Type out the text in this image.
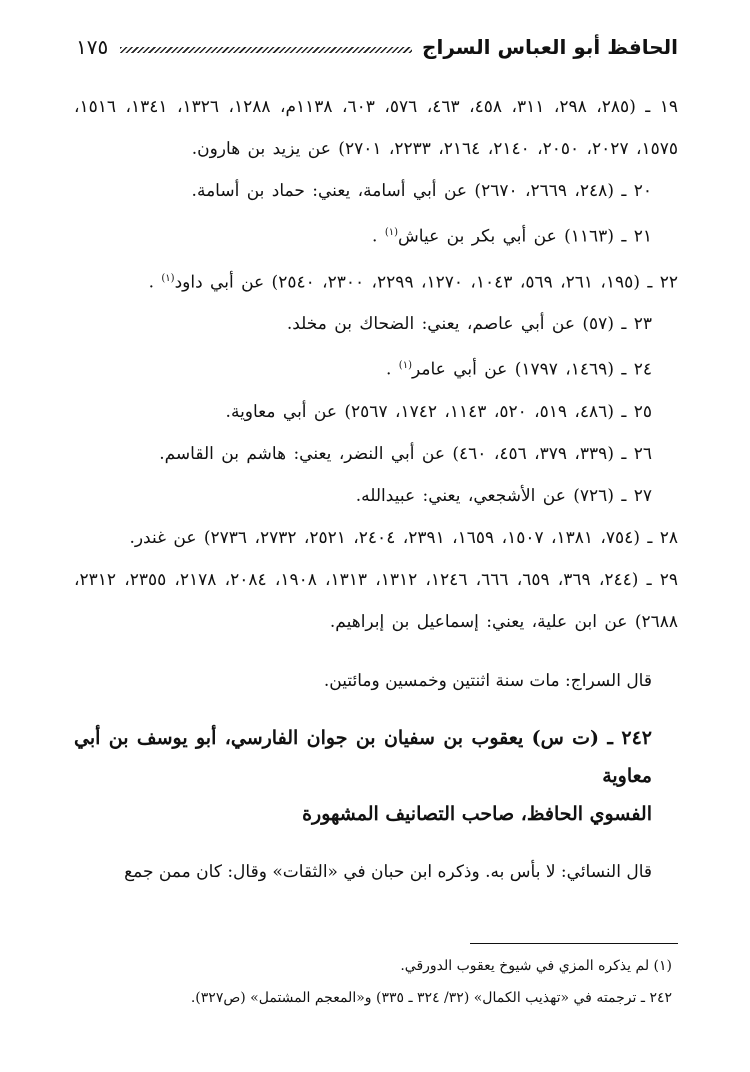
الحافظ أبو العباس السراج
١٧٥

١٩ ـ (٢٨٥، ٢٩٨، ٣١١، ٤٥٨، ٤٦٣، ٥٧٦، ٦٠٣، ١١٣٨م، ١٢٨٨، ١٣٢٦، ١٣٤١، ١٥١٦، ١٥٧٥، ٢٠٢٧، ٢٠٥٠، ٢١٤٠، ٢١٦٤، ٢٢٣٣، ٢٧٠١) عن يزيد بن هارون.

٢٠ ـ (٢٤٨، ٢٦٦٩، ٢٦٧٠) عن أبي أسامة، يعني: حماد بن أسامة.

٢١ ـ (١١٦٣) عن أبي بكر بن عياش$^{(١)}$ .

٢٢ ـ (١٩٥، ٢٦١، ٥٦٩، ١٠٤٣، ١٢٧٠، ٢٢٩٩، ٢٣٠٠، ٢٥٤٠) عن أبي داود$^{(١)}$ .

٢٣ ـ (٥٧) عن أبي عاصم، يعني: الضحاك بن مخلد.

٢٤ ـ (١٤٦٩، ١٧٩٧) عن أبي عامر$^{(١)}$ .

٢٥ ـ (٤٨٦، ٥١٩، ٥٢٠، ١١٤٣، ١٧٤٢، ٢٥٦٧) عن أبي معاوية.

٢٦ ـ (٣٣٩، ٣٧٩، ٤٥٦، ٤٦٠) عن أبي النضر، يعني: هاشم بن القاسم.

٢٧ ـ (٧٢٦) عن الأشجعي، يعني: عبيدالله.

٢٨ ـ (٧٥٤، ١٣٨١، ١٥٠٧، ١٦٥٩، ٢٣٩١، ٢٤٠٤، ٢٥٢١، ٢٧٣٢، ٢٧٣٦) عن غندر.

٢٩ ـ (٢٤٤، ٣٦٩، ٦٥٩، ٦٦٦، ١٢٤٦، ١٣١٢، ١٣١٣، ١٩٠٨، ٢٠٨٤، ٢١٧٨، ٢٣٥٥، ٢٣١٢، ٢٦٨٨) عن ابن علية، يعني: إسماعيل بن إبراهيم.

قال السراج: مات سنة اثنتين وخمسين ومائتين.

٢٤٢ ـ (ت س) يعقوب بن سفيان بن جوان الفارسي، أبو يوسف بن أبي معاوية
الفسوي الحافظ، صاحب التصانيف المشهورة

قال النسائي: لا بأس به. وذكره ابن حبان في «الثقات» وقال: كان ممن جمع

(١) لم يذكره المزي في شيوخ يعقوب الدورقي.
٢٤٢ ـ ترجمته في «تهذيب الكمال» (٣٢/ ٣٢٤ ـ ٣٣٥) و«المعجم المشتمل» (ص٣٢٧).
